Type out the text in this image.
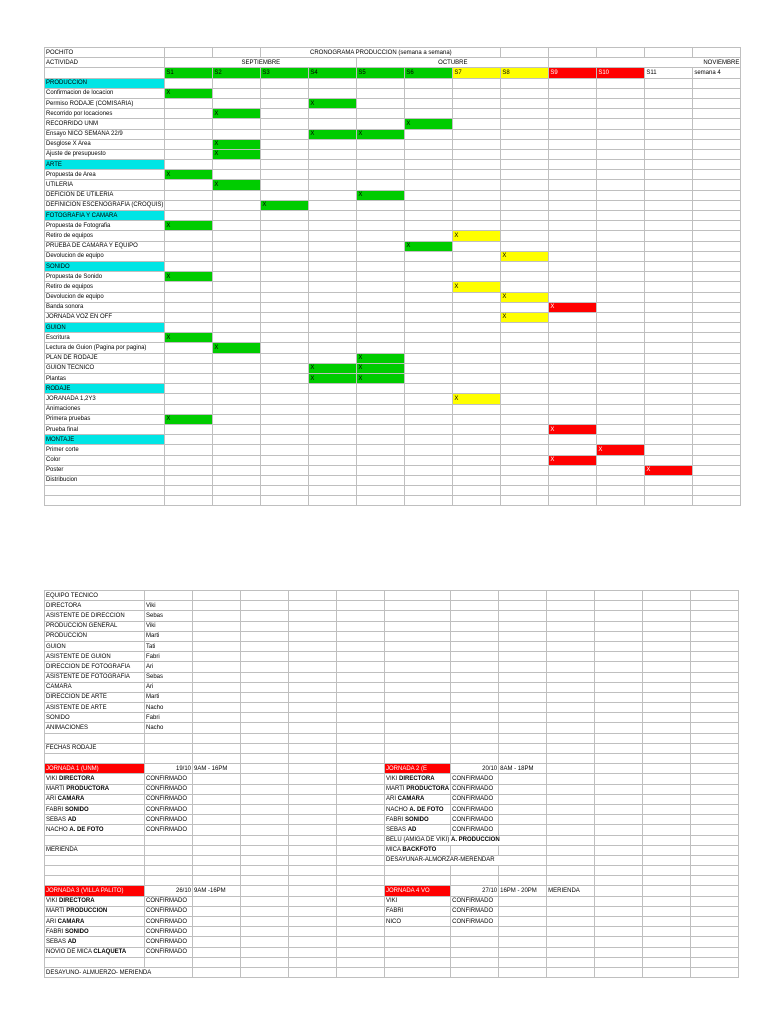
POCHITO			CRONOGRAMA PRODUCCION (semana a semana)									
ACTIVIDAD	SEPTIEMBRE				OCTUBRE				NOVIEMBRE			
	S1	S2	S3	S4	S5	S6	S7	S8	S9	S10	S11	semana 4
PRODUCCION												
Confirmacion de locacion	X											
Permiso RODAJE (COMISARIA)				X								
Recorrido por locaciones		X										
RECORRIDO UNM						X						
Ensayo NICO SEMANA 22/9				X	X							
Desglose X Area		X										
Ajuste de presupuesto		X										
ARTE												
Propuesta de Area	X											
UTILERIA		X										
DEFICION DE UTILERIA					X							
DEFINICION ESCENOGRAFIA (CROQUIS)			X									
FOTOGRAFIA Y CAMARA												
Propuesta de Fotografia	X											
Retiro de equipos							X					
PRUEBA DE CAMARA Y EQUIPO						X						
Devolucion de equipo								X				
SONIDO												
Propuesta de Sonido	X											
Retiro de equipos							X					
Devolucion de equipo								X				
Banda sonora									X			
JORNADA VOZ EN OFF								X				
GUION												
Escritura	X											
Lectura de Guion (Pagina por pagina)		X										
PLAN DE RODAJE					X							
GUION TECNICO				X	X							
Plantas				X	X							
RODAJE												
JORANADA 1,2Y3							X					
Animaciones												
Primera pruebas	X											
Prueba final									X			
MONTAJE												
Primer corte										X		
Color									X			
Poster											X	
Distribucion												

EQUIPO TECNICO												
DIRECTORA	Viki											
ASISTENTE DE DIRECCION	Sebas											
PRODUCCION GENERAL	Viki											
PRODUCCION	Marti											
GUION	Tati											
ASISTENTE DE GUION	Fabri											
DIRECCION DE FOTOGRAFIA	Ari											
ASISTENTE DE FOTOGRAFIA	Sebas											
CAMARA	Ari											
DIRECCION DE ARTE	Marti											
ASISTENTE DE ARTE	Nacho											
SONIDO	Fabri											
ANIMACIONES	Nacho											

FECHAS RODAJE												

JORNADA 1 (UNM)	19/10	9AM - 16PM				JORNADA 2 (E	20/10	8AM - 18PM				
VIKI DIRECTORA	CONFIRMADO					VIKI DIRECTORA	CONFIRMADO					
MARTI PRODUCTORA	CONFIRMADO					MARTI PRODUCTORA	CONFIRMADO					
ARI CAMARA	CONFIRMADO					ARI CAMARA	CONFIRMADO					
FABRI SONIDO	CONFIRMADO					NACHO A. DE FOTO	CONFIRMADO					
SEBAS AD	CONFIRMADO					FABRI SONIDO	CONFIRMADO					
NACHO A. DE FOTO	CONFIRMADO					SEBAS AD	CONFIRMADO					
						BELU (AMIGA DE VIKI) A. PRODUCCION						
MERIENDA						MICA BACKFOTO						
						DESAYUNAR-ALMORZAR-MERENDAR						

JORNADA 3 (VILLA PALITO)	26/10	9AM -16PM				JORNADA 4 VO	27/10	16PM - 20PM	MERIENDA			
VIKI DIRECTORA	CONFIRMADO					VIKI	CONFIRMADO					
MARTI PRODUCCION	CONFIRMADO					FABRI	CONFIRMADO					
ARI CAMARA	CONFIRMADO					NICO	CONFIRMADO					
FABRI SONIDO	CONFIRMADO											
SEBAS AD	CONFIRMADO											
NOVIO DE MICA CLAQUETA	CONFIRMADO											

DESAYUNO- ALMUERZO- MERIENDA												
